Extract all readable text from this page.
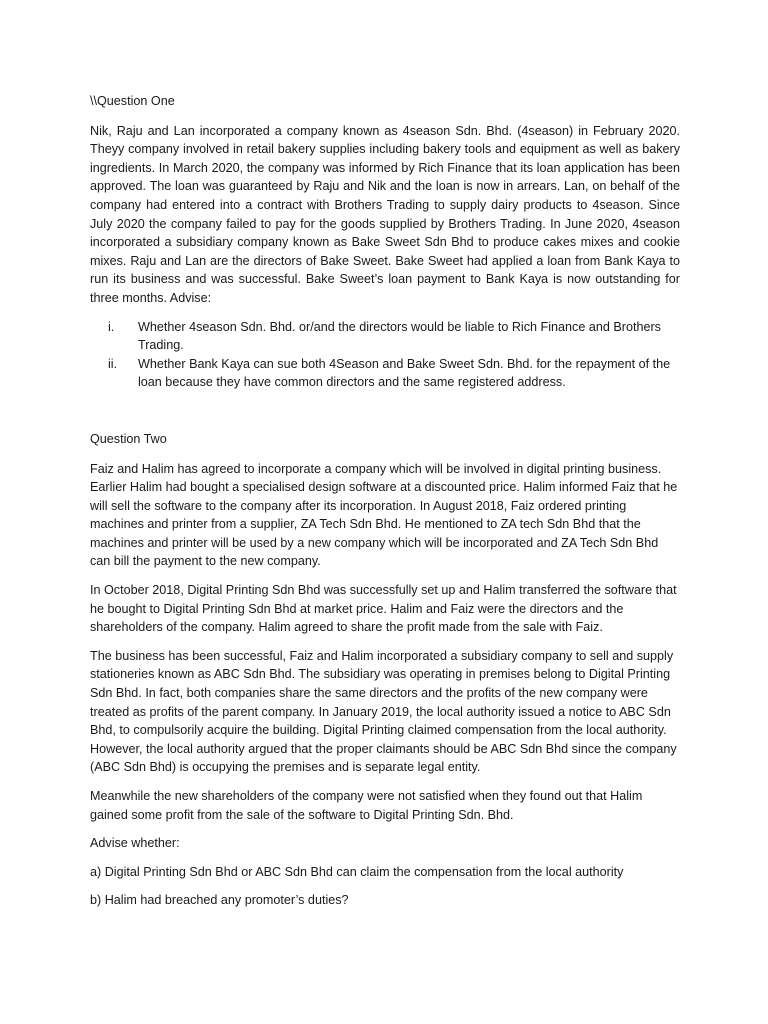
\\Question One

Nik, Raju and Lan incorporated a company known as 4season Sdn. Bhd. (4season) in February 2020. Theyy company involved in retail bakery supplies including bakery tools and equipment as well as bakery ingredients. In March 2020, the company was informed by Rich Finance that its loan application has been approved. The loan was guaranteed by Raju and Nik and the loan is now in arrears. Lan, on behalf of the company had entered into a contract with Brothers Trading to supply dairy products to 4season. Since July 2020 the company failed to pay for the goods supplied by Brothers Trading. In June 2020, 4season incorporated a subsidiary company known as Bake Sweet Sdn Bhd to produce cakes mixes and cookie mixes. Raju and Lan are the directors of Bake Sweet. Bake Sweet had applied a loan from Bank Kaya to run its business and was successful. Bake Sweet’s loan payment to Bank Kaya is now outstanding for three months. Advise:

i. Whether 4season Sdn. Bhd. or/and the directors would be liable to Rich Finance and Brothers Trading.
ii. Whether Bank Kaya can sue both 4Season and Bake Sweet Sdn. Bhd. for the repayment of the loan because they have common directors and the same registered address.

Question Two

Faiz and Halim has agreed to incorporate a company which will be involved in digital printing business. Earlier Halim had bought a specialised design software at a discounted price. Halim informed Faiz that he will sell the software to the company after its incorporation. In August 2018, Faiz ordered printing machines and printer from a supplier, ZA Tech Sdn Bhd. He mentioned to ZA tech Sdn Bhd that the machines and printer will be used by a new company which will be incorporated and ZA Tech Sdn Bhd can bill the payment to the new company.

In October 2018, Digital Printing Sdn Bhd was successfully set up and Halim transferred the software that he bought to Digital Printing Sdn Bhd at market price. Halim and Faiz were the directors and the shareholders of the company. Halim agreed to share the profit made from the sale with Faiz.

The business has been successful, Faiz and Halim incorporated a subsidiary company to sell and supply stationeries known as ABC Sdn Bhd. The subsidiary was operating in premises belong to Digital Printing Sdn Bhd. In fact, both companies share the same directors and the profits of the new company were treated as profits of the parent company. In January 2019, the local authority issued a notice to ABC Sdn Bhd, to compulsorily acquire the building. Digital Printing claimed compensation from the local authority. However, the local authority argued that the proper claimants should be ABC Sdn Bhd since the company (ABC Sdn Bhd) is occupying the premises and is separate legal entity.

Meanwhile the new shareholders of the company were not satisfied when they found out that Halim gained some profit from the sale of the software to Digital Printing Sdn. Bhd.

Advise whether:

a) Digital Printing Sdn Bhd or ABC Sdn Bhd can claim the compensation from the local authority

b) Halim had breached any promoter’s duties?
